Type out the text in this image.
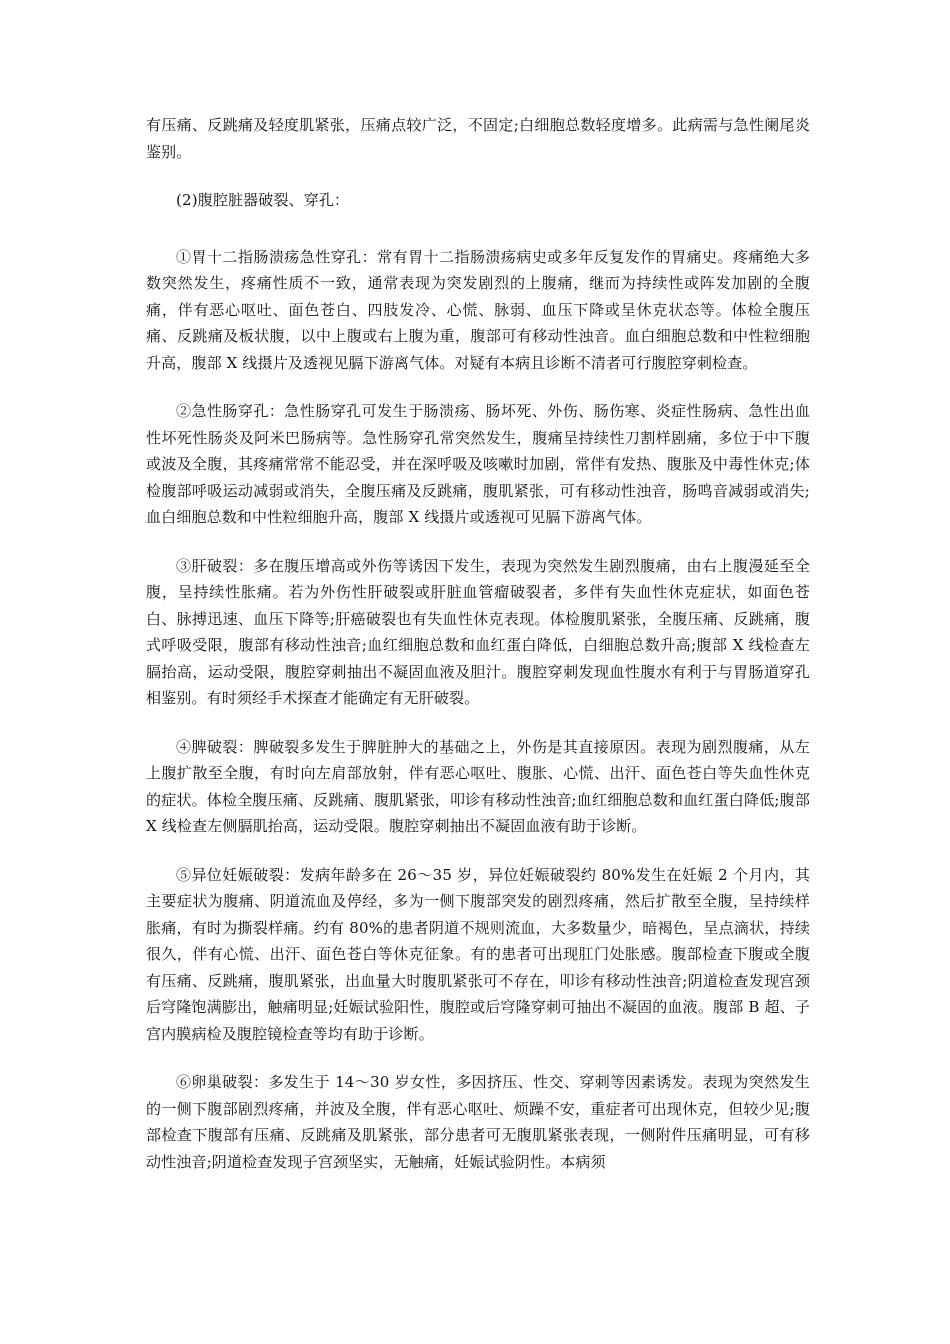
有压痛、反跳痛及轻度肌紧张，压痛点较广泛，不固定;白细胞总数轻度增多。此病需与急性阑尾炎鉴别。

(2)腹腔脏器破裂、穿孔：

①胃十二指肠溃疡急性穿孔：常有胃十二指肠溃疡病史或多年反复发作的胃痛史。疼痛绝大多数突然发生，疼痛性质不一致，通常表现为突发剧烈的上腹痛，继而为持续性或阵发加剧的全腹痛，伴有恶心呕吐、面色苍白、四肢发冷、心慌、脉弱、血压下降或呈休克状态等。体检全腹压痛、反跳痛及板状腹，以中上腹或右上腹为重，腹部可有移动性浊音。血白细胞总数和中性粒细胞升高，腹部 X 线摄片及透视见膈下游离气体。对疑有本病且诊断不清者可行腹腔穿刺检查。

②急性肠穿孔：急性肠穿孔可发生于肠溃疡、肠坏死、外伤、肠伤寒、炎症性肠病、急性出血性坏死性肠炎及阿米巴肠病等。急性肠穿孔常突然发生，腹痛呈持续性刀割样剧痛，多位于中下腹或波及全腹，其疼痛常常不能忍受，并在深呼吸及咳嗽时加剧，常伴有发热、腹胀及中毒性休克;体检腹部呼吸运动减弱或消失，全腹压痛及反跳痛，腹肌紧张，可有移动性浊音，肠鸣音减弱或消失;血白细胞总数和中性粒细胞升高，腹部 X 线摄片或透视可见膈下游离气体。

③肝破裂：多在腹压增高或外伤等诱因下发生，表现为突然发生剧烈腹痛，由右上腹漫延至全腹，呈持续性胀痛。若为外伤性肝破裂或肝脏血管瘤破裂者，多伴有失血性休克症状，如面色苍白、脉搏迅速、血压下降等;肝癌破裂也有失血性休克表现。体检腹肌紧张，全腹压痛、反跳痛，腹式呼吸受限，腹部有移动性浊音;血红细胞总数和血红蛋白降低，白细胞总数升高;腹部 X 线检查左膈抬高，运动受限，腹腔穿刺抽出不凝固血液及胆汁。腹腔穿刺发现血性腹水有利于与胃肠道穿孔相鉴别。有时须经手术探查才能确定有无肝破裂。

④脾破裂：脾破裂多发生于脾脏肿大的基础之上，外伤是其直接原因。表现为剧烈腹痛，从左上腹扩散至全腹，有时向左肩部放射，伴有恶心呕吐、腹胀、心慌、出汗、面色苍白等失血性休克的症状。体检全腹压痛、反跳痛、腹肌紧张，叩诊有移动性浊音;血红细胞总数和血红蛋白降低;腹部 X 线检查左侧膈肌抬高，运动受限。腹腔穿刺抽出不凝固血液有助于诊断。

⑤异位妊娠破裂：发病年龄多在 26～35 岁，异位妊娠破裂约 80%发生在妊娠 2 个月内，其主要症状为腹痛、阴道流血及停经，多为一侧下腹部突发的剧烈疼痛，然后扩散至全腹，呈持续样胀痛，有时为撕裂样痛。约有 80%的患者阴道不规则流血，大多数量少，暗褐色，呈点滴状，持续很久，伴有心慌、出汗、面色苍白等休克征象。有的患者可出现肛门处胀感。腹部检查下腹或全腹有压痛、反跳痛，腹肌紧张，出血量大时腹肌紧张可不存在，叩诊有移动性浊音;阴道检查发现宫颈后穹隆饱满膨出，触痛明显;妊娠试验阳性，腹腔或后穹隆穿刺可抽出不凝固的血液。腹部 B 超、子宫内膜病检及腹腔镜检查等均有助于诊断。

⑥卵巢破裂：多发生于 14～30 岁女性，多因挤压、性交、穿刺等因素诱发。表现为突然发生的一侧下腹部剧烈疼痛，并波及全腹，伴有恶心呕吐、烦躁不安，重症者可出现休克，但较少见;腹部检查下腹部有压痛、反跳痛及肌紧张，部分患者可无腹肌紧张表现，一侧附件压痛明显，可有移动性浊音;阴道检查发现子宫颈坚实，无触痛，妊娠试验阴性。本病须
